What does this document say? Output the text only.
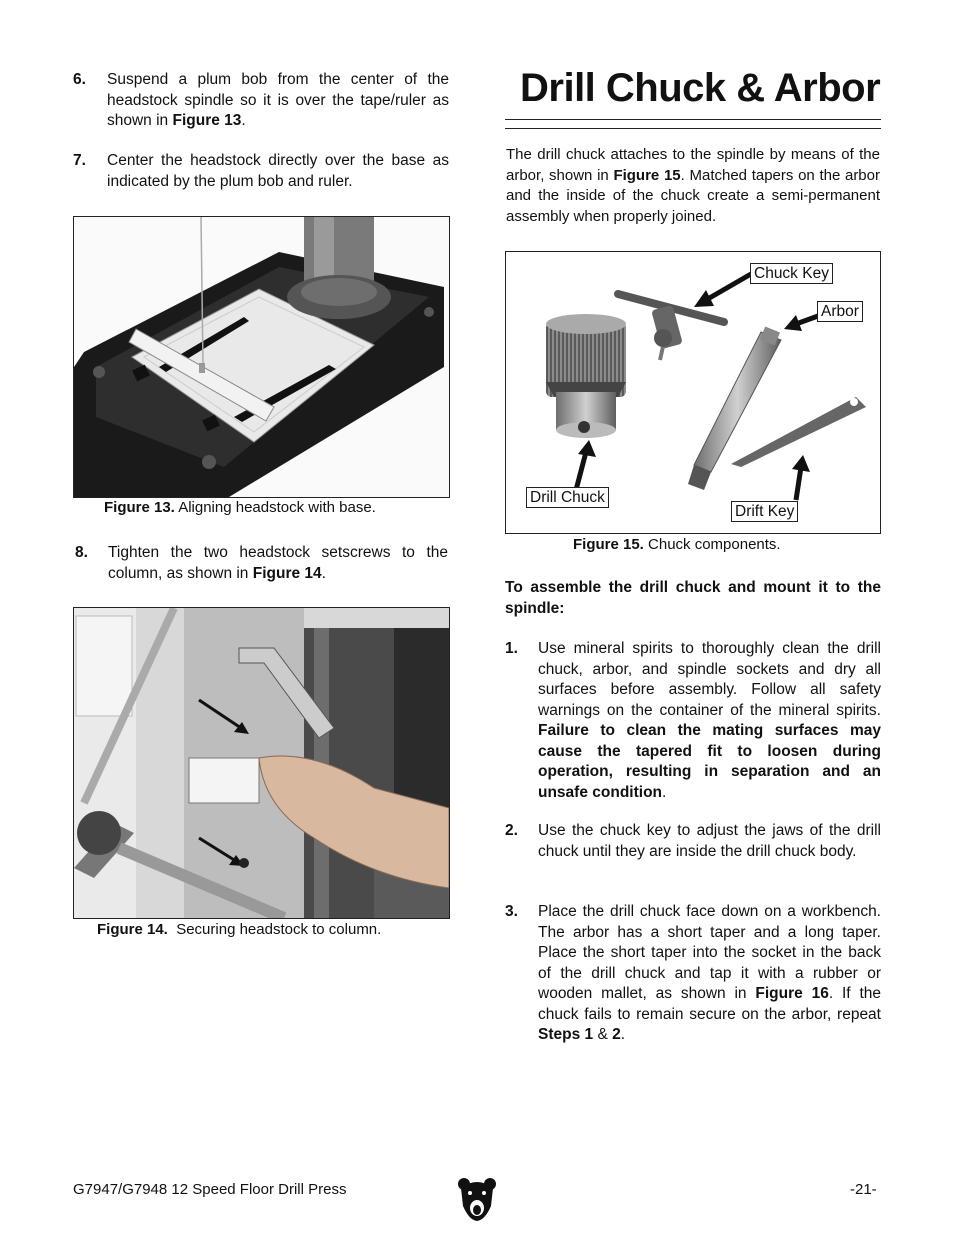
6. Suspend a plum bob from the center of the headstock spindle so it is over the tape/ruler as shown in Figure 13.
7. Center the headstock directly over the base as indicated by the plum bob and ruler.
Figure 13. Aligning headstock with base.
8. Tighten the two headstock setscrews to the column, as shown in Figure 14.
Figure 14. Securing headstock to column.
Drill Chuck & Arbor
The drill chuck attaches to the spindle by means of the arbor, shown in Figure 15. Matched tapers on the arbor and the inside of the chuck create a semi-permanent assembly when properly joined.
Chuck Key
Arbor
Drill Chuck
Drift Key
Figure 15. Chuck components.
To assemble the drill chuck and mount it to the spindle:
1. Use mineral spirits to thoroughly clean the drill chuck, arbor, and spindle sockets and dry all surfaces before assembly. Follow all safety warnings on the container of the mineral spirits. Failure to clean the mating surfaces may cause the tapered fit to loosen during operation, resulting in separation and an unsafe condition.
2. Use the chuck key to adjust the jaws of the drill chuck until they are inside the drill chuck body.
3. Place the drill chuck face down on a workbench. The arbor has a short taper and a long taper. Place the short taper into the socket in the back of the drill chuck and tap it with a rubber or wooden mallet, as shown in Figure 16. If the chuck fails to remain secure on the arbor, repeat Steps 1 & 2.
G7947/G7948 12 Speed Floor Drill Press	-21-
